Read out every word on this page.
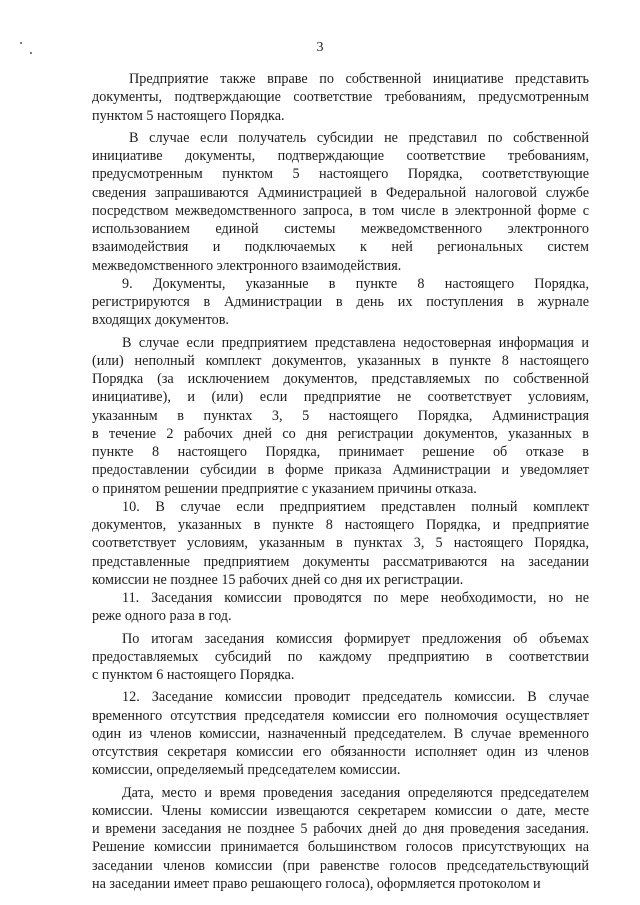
3
Предприятие также вправе по собственной инициативе представить
документы, подтверждающие соответствие требованиям, предусмотренным
пунктом 5 настоящего Порядка.
В случае если получатель субсидии не представил по собственной
инициативе документы, подтверждающие соответствие требованиям,
предусмотренным пунктом 5 настоящего Порядка, соответствующие
сведения запрашиваются Администрацией в Федеральной налоговой службе
посредством межведомственного запроса, в том числе в электронной форме с
использованием единой системы межведомственного электронного
взаимодействия и подключаемых к ней региональных систем
межведомственного электронного взаимодействия.
9. Документы, указанные в пункте 8 настоящего Порядка,
регистрируются в Администрации в день их поступления в журнале
входящих документов.
В случае если предприятием представлена недостоверная информация и
(или) неполный комплект документов, указанных в пункте 8 настоящего
Порядка (за исключением документов, представляемых по собственной
инициативе), и (или) если предприятие не соответствует условиям,
указанным в пунктах 3, 5 настоящего Порядка, Администрация
в течение 2 рабочих дней со дня регистрации документов, указанных в
пункте 8 настоящего Порядка, принимает решение об отказе в
предоставлении субсидии в форме приказа Администрации и уведомляет
о принятом решении предприятие с указанием причины отказа.
10. В случае если предприятием представлен полный комплект
документов, указанных в пункте 8 настоящего Порядка, и предприятие
соответствует условиям, указанным в пунктах 3, 5 настоящего Порядка,
представленные предприятием документы рассматриваются на заседании
комиссии не позднее 15 рабочих дней со дня их регистрации.
11. Заседания комиссии проводятся по мере необходимости, но не
реже одного раза в год.
По итогам заседания комиссия формирует предложения об объемах
предоставляемых субсидий по каждому предприятию в соответствии
с пунктом 6 настоящего Порядка.
12. Заседание комиссии проводит председатель комиссии. В случае
временного отсутствия председателя комиссии его полномочия осуществляет
один из членов комиссии, назначенный председателем. В случае временного
отсутствия секретаря комиссии его обязанности исполняет один из членов
комиссии, определяемый председателем комиссии.
Дата, место и время проведения заседания определяются председателем
комиссии. Члены комиссии извещаются секретарем комиссии о дате, месте
и времени заседания не позднее 5 рабочих дней до дня проведения заседания.
Решение комиссии принимается большинством голосов присутствующих на
заседании членов комиссии (при равенстве голосов председательствующий
на заседании имеет право решающего голоса), оформляется протоколом и
